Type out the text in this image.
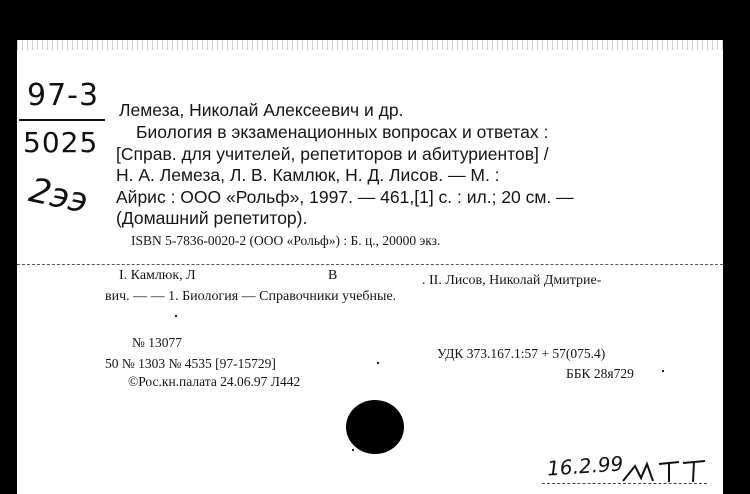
97-3
5025
2ээ
Лемеза, Николай Алексеевич и др.
Биология в экзаменационных вопросах и ответах :
[Справ. для учителей, репетиторов и абитуриентов] /
Н. А. Лемеза, Л. В. Камлюк, Н. Д. Лисов. — М. :
Айрис : ООО «Рольф», 1997. — 461,[1] с. : ил.; 20 см. —
(Домашний репетитор).
ISBN 5-7836-0020-2 (ООО «Рольф») : Б. ц., 20000 экз.
I. Камлюк, Л	В	. II. Лисов, Николай Дмитрие-
вич. — — 1. Биология — Справочники учебные.
№ 13077
50 № 1303 № 4535 [97-15729]
©Рос.кн.палата 24.06.97 Л442
УДК 373.167.1:57 + 57(075.4)
ББК 28я729
16.2.99
